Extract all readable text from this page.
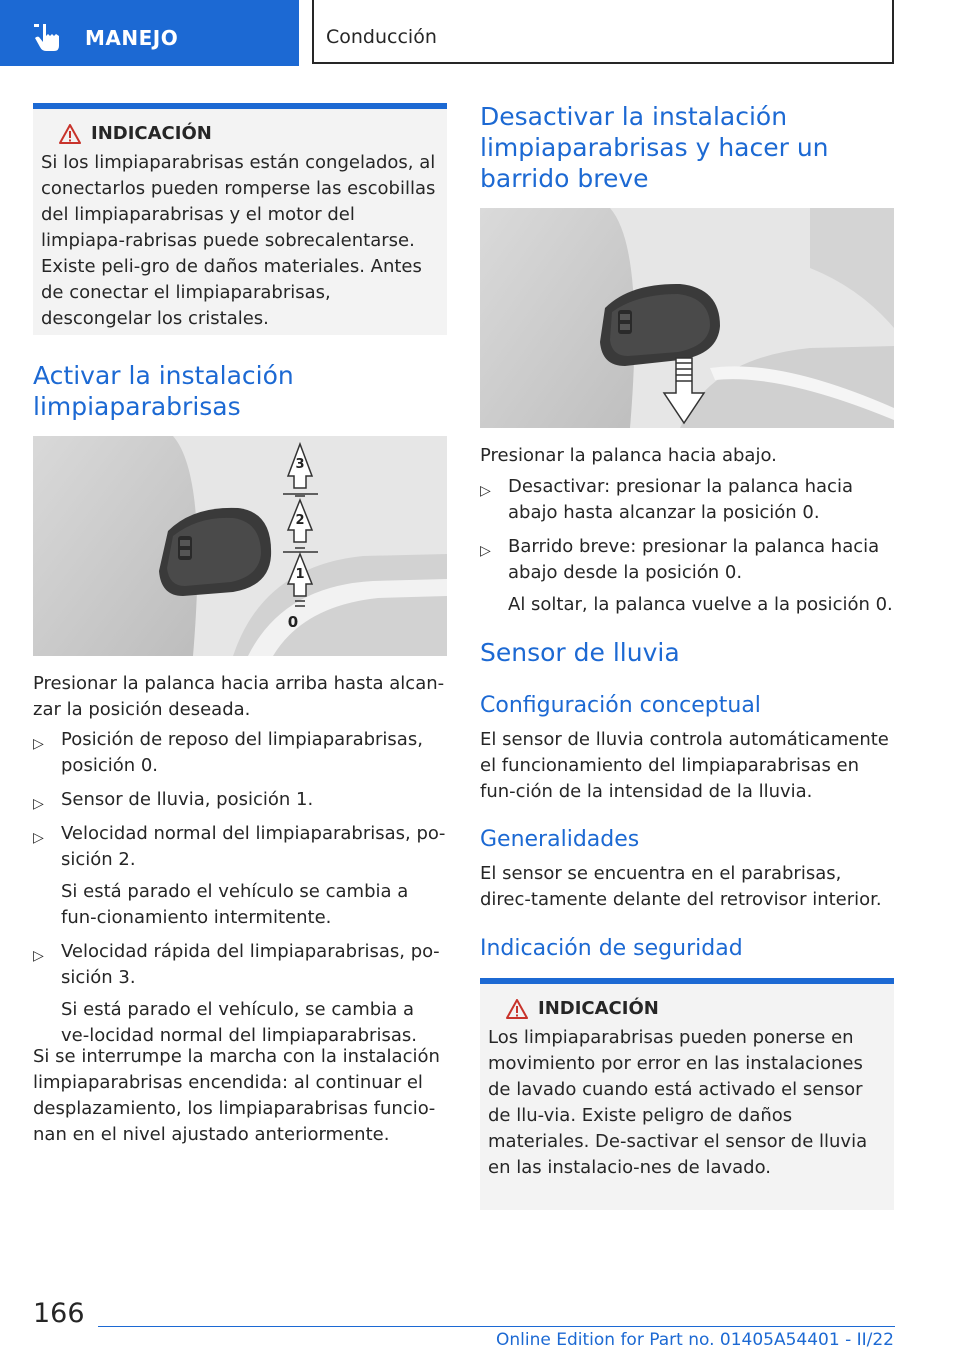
MANEJO	Conducción
INDICACIÓN

Si los limpiaparabrisas están congelados, al conectarlos pueden romperse las escobillas del limpiaparabrisas y el motor del limpiapa‐rabrisas puede sobrecalentarse. Existe peli‐gro de daños materiales. Antes de conectar el limpiaparabrisas, descongelar los cristales.

Activar la instalación limpiaparabrisas
3
2
1
0

Presionar la palanca hacia arriba hasta alcan‐zar la posición deseada.

▷ Posición de reposo del limpiaparabrisas, posición 0.
▷ Sensor de lluvia, posición 1.
▷ Velocidad normal del limpiaparabrisas, po‐sición 2.
Si está parado el vehículo se cambia a fun‐cionamiento intermitente.
▷ Velocidad rápida del limpiaparabrisas, po‐sición 3.
Si está parado el vehículo, se cambia a ve‐locidad normal del limpiaparabrisas.

Si se interrumpe la marcha con la instalación limpiaparabrisas encendida: al continuar el desplazamiento, los limpiaparabrisas funcio‐nan en el nivel ajustado anteriormente.

Desactivar la instalación limpiaparabrisas y hacer un barrido breve

Presionar la palanca hacia abajo.

▷ Desactivar: presionar la palanca hacia abajo hasta alcanzar la posición 0.
▷ Barrido breve: presionar la palanca hacia abajo desde la posición 0.
Al soltar, la palanca vuelve a la posición 0.
Sensor de lluvia
Configuración conceptual

El sensor de lluvia controla automáticamente el funcionamiento del limpiaparabrisas en fun‐ción de la intensidad de la lluvia.

Generalidades

El sensor se encuentra en el parabrisas, direc‐tamente delante del retrovisor interior.

Indicación de seguridad
INDICACIÓN

Los limpiaparabrisas pueden ponerse en movimiento por error en las instalaciones de lavado cuando está activado el sensor de llu‐via. Existe peligro de daños materiales. De‐sactivar el sensor de lluvia en las instalacio‐nes de lavado.

166
Online Edition for Part no. 01405A54401 - II/22
